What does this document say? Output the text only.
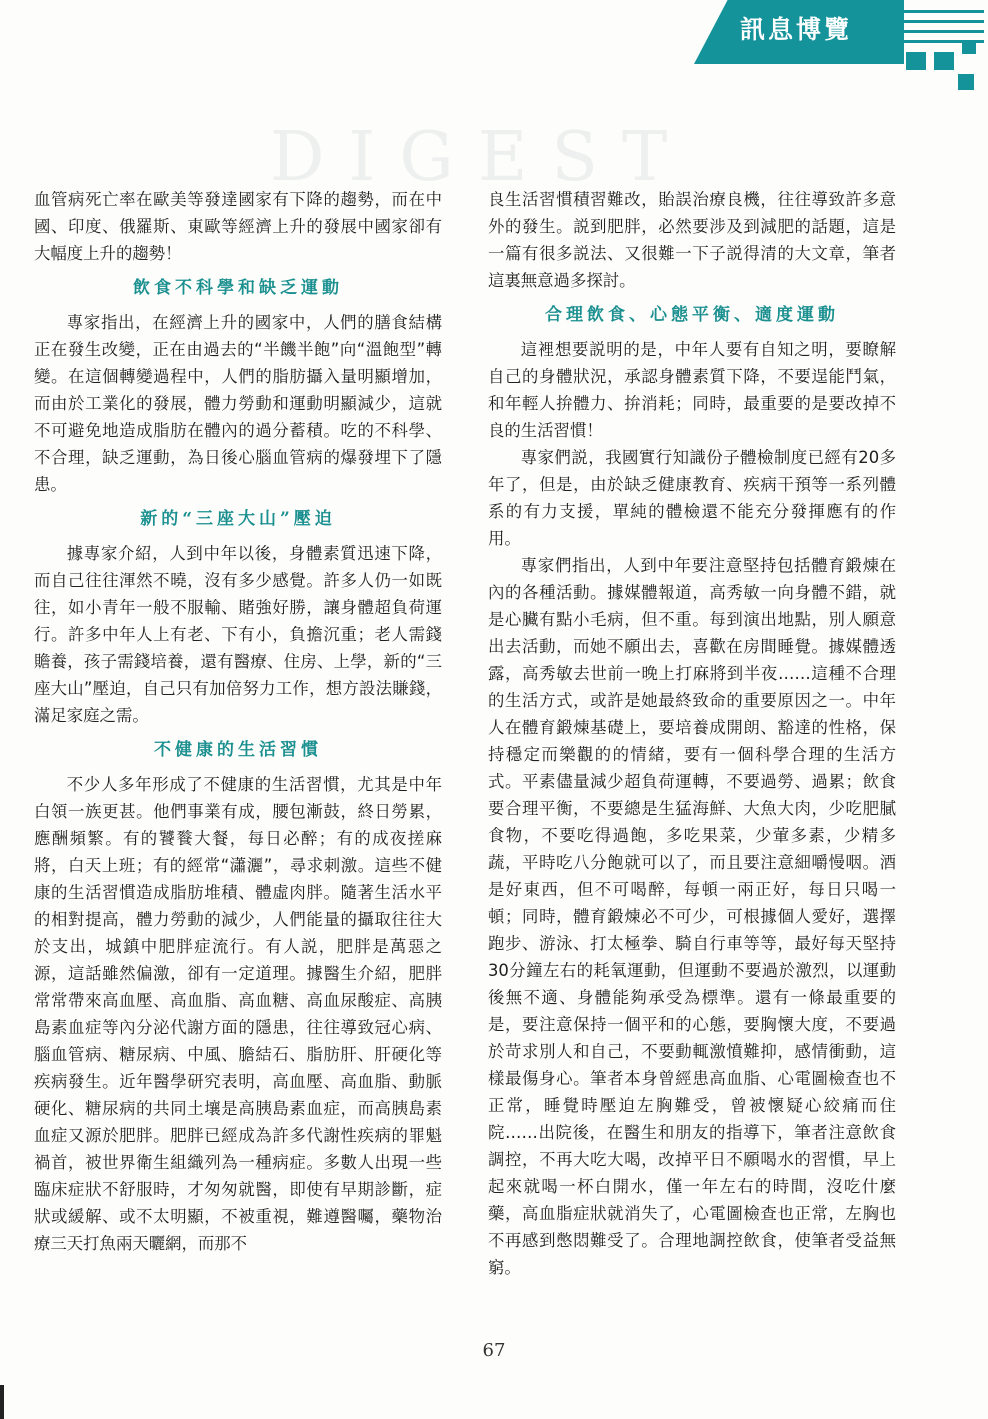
訊息博覽
DIGEST

血管病死亡率在歐美等發達國家有下降的趨勢，而在中國、印度、俄羅斯、東歐等經濟上升的發展中國家卻有大幅度上升的趨勢！

飲食不科學和缺乏運動

專家指出，在經濟上升的國家中，人們的膳食結構正在發生改變，正在由過去的“半饑半飽”向“溫飽型”轉變。在這個轉變過程中，人們的脂肪攝入量明顯增加，而由於工業化的發展，體力勞動和運動明顯減少，這就不可避免地造成脂肪在體內的過分蓄積。吃的不科學、不合理，缺乏運動，為日後心腦血管病的爆發埋下了隱患。

新的“三座大山”壓迫

據專家介紹，人到中年以後，身體素質迅速下降，而自己往往渾然不曉，沒有多少感覺。許多人仍一如既往，如小青年一般不服輸、賭強好勝，讓身體超負荷運行。許多中年人上有老、下有小，負擔沉重；老人需錢贍養，孩子需錢培養，還有醫療、住房、上學，新的“三座大山”壓迫，自己只有加倍努力工作，想方設法賺錢，滿足家庭之需。

不健康的生活習慣

不少人多年形成了不健康的生活習慣，尤其是中年白領一族更甚。他們事業有成，腰包漸鼓，終日勞累，應酬頻繁。有的饕餮大餐，每日必醉；有的成夜搓麻將，白天上班；有的經常“瀟灑”，尋求刺激。這些不健康的生活習慣造成脂肪堆積、體虛肉胖。隨著生活水平的相對提高，體力勞動的減少，人們能量的攝取往往大於支出，城鎮中肥胖症流行。有人説，肥胖是萬惡之源，這話雖然偏激，卻有一定道理。據醫生介紹，肥胖常常帶來高血壓、高血脂、高血糖、高血尿酸症、高胰島素血症等內分泌代謝方面的隱患，往往導致冠心病、腦血管病、糖尿病、中風、膽結石、脂肪肝、肝硬化等疾病發生。近年醫學研究表明，高血壓、高血脂、動脈硬化、糖尿病的共同土壤是高胰島素血症，而高胰島素血症又源於肥胖。肥胖已經成為許多代謝性疾病的罪魁禍首，被世界衛生組織列為一種病症。多數人出現一些臨床症狀不舒服時，才匆匆就醫，即使有早期診斷，症狀或緩解、或不太明顯，不被重視，難遵醫囑，藥物治療三天打魚兩天曬網，而那不

良生活習慣積習難改，貽誤治療良機，往往導致許多意外的發生。説到肥胖，必然要涉及到減肥的話題，這是一篇有很多説法、又很難一下子説得清的大文章，筆者這裏無意過多探討。

合理飲食、心態平衡、適度運動

這裡想要説明的是，中年人要有自知之明，要瞭解自己的身體狀況，承認身體素質下降，不要逞能鬥氣，和年輕人拚體力、拚消耗；同時，最重要的是要改掉不良的生活習慣！

專家們説，我國實行知識份子體檢制度已經有20多年了，但是，由於缺乏健康教育、疾病干預等一系列體系的有力支援，單純的體檢還不能充分發揮應有的作用。

專家們指出，人到中年要注意堅持包括體育鍛煉在內的各種活動。據媒體報道，高秀敏一向身體不錯，就是心臟有點小毛病，但不重。每到演出地點，別人願意出去活動，而她不願出去，喜歡在房間睡覺。據媒體透露，高秀敏去世前一晚上打麻將到半夜……這種不合理的生活方式，或許是她最終致命的重要原因之一。中年人在體育鍛煉基礎上，要培養成開朗、豁達的性格，保持穩定而樂觀的的情緒，要有一個科學合理的生活方式。平素儘量減少超負荷運轉，不要過勞、過累；飲食要合理平衡，不要總是生猛海鮮、大魚大肉，少吃肥膩食物，不要吃得過飽，多吃果菜，少葷多素，少精多蔬，平時吃八分飽就可以了，而且要注意細嚼慢咽。酒是好東西，但不可喝醉，每頓一兩正好，每日只喝一頓；同時，體育鍛煉必不可少，可根據個人愛好，選擇跑步、游泳、打太極拳、騎自行車等等，最好每天堅持30分鐘左右的耗氧運動，但運動不要過於激烈，以運動後無不適、身體能夠承受為標準。還有一條最重要的是，要注意保持一個平和的心態，要胸懷大度，不要過於苛求別人和自己，不要動輒激憤難抑，感情衝動，這樣最傷身心。筆者本身曾經患高血脂、心電圖檢查也不正常，睡覺時壓迫左胸難受，曾被懷疑心絞痛而住院……出院後，在醫生和朋友的指導下，筆者注意飲食調控，不再大吃大喝，改掉平日不願喝水的習慣，早上起來就喝一杯白開水，僅一年左右的時間，沒吃什麼藥，高血脂症狀就消失了，心電圖檢查也正常，左胸也不再感到憋悶難受了。合理地調控飲食，使筆者受益無窮。

67
